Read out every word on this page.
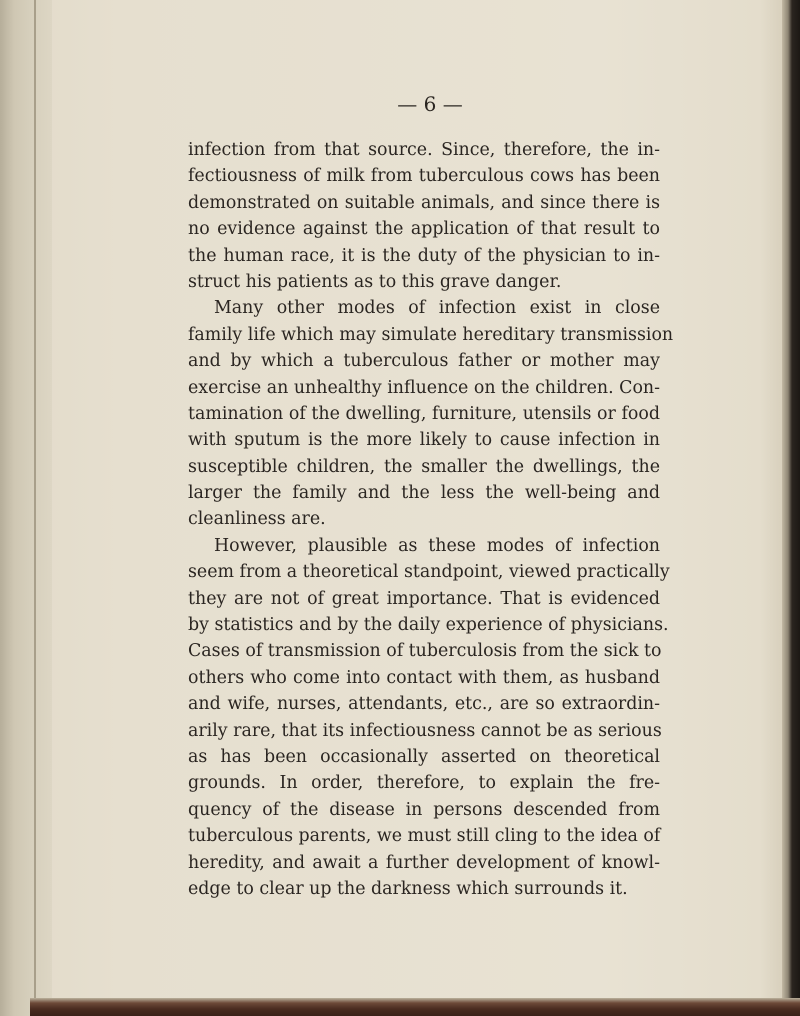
— 6 —
infection from that source. Since, therefore, the in-
fectiousness of milk from tuberculous cows has been
demonstrated on suitable animals, and since there is
no evidence against the application of that result to
the human race, it is the duty of the physician to in-
struct his patients as to this grave danger.
Many other modes of infection exist in close
family life which may simulate hereditary transmission
and by which a tuberculous father or mother may
exercise an unhealthy influence on the children. Con-
tamination of the dwelling, furniture, utensils or food
with sputum is the more likely to cause infection in
susceptible children, the smaller the dwellings, the
larger the family and the less the well-being and
cleanliness are.
However, plausible as these modes of infection
seem from a theoretical standpoint, viewed practically
they are not of great importance. That is evidenced
by statistics and by the daily experience of physicians.
Cases of transmission of tuberculosis from the sick to
others who come into contact with them, as husband
and wife, nurses, attendants, etc., are so extraordin-
arily rare, that its infectiousness cannot be as serious
as has been occasionally asserted on theoretical
grounds. In order, therefore, to explain the fre-
quency of the disease in persons descended from
tuberculous parents, we must still cling to the idea of
heredity, and await a further development of knowl-
edge to clear up the darkness which surrounds it.
